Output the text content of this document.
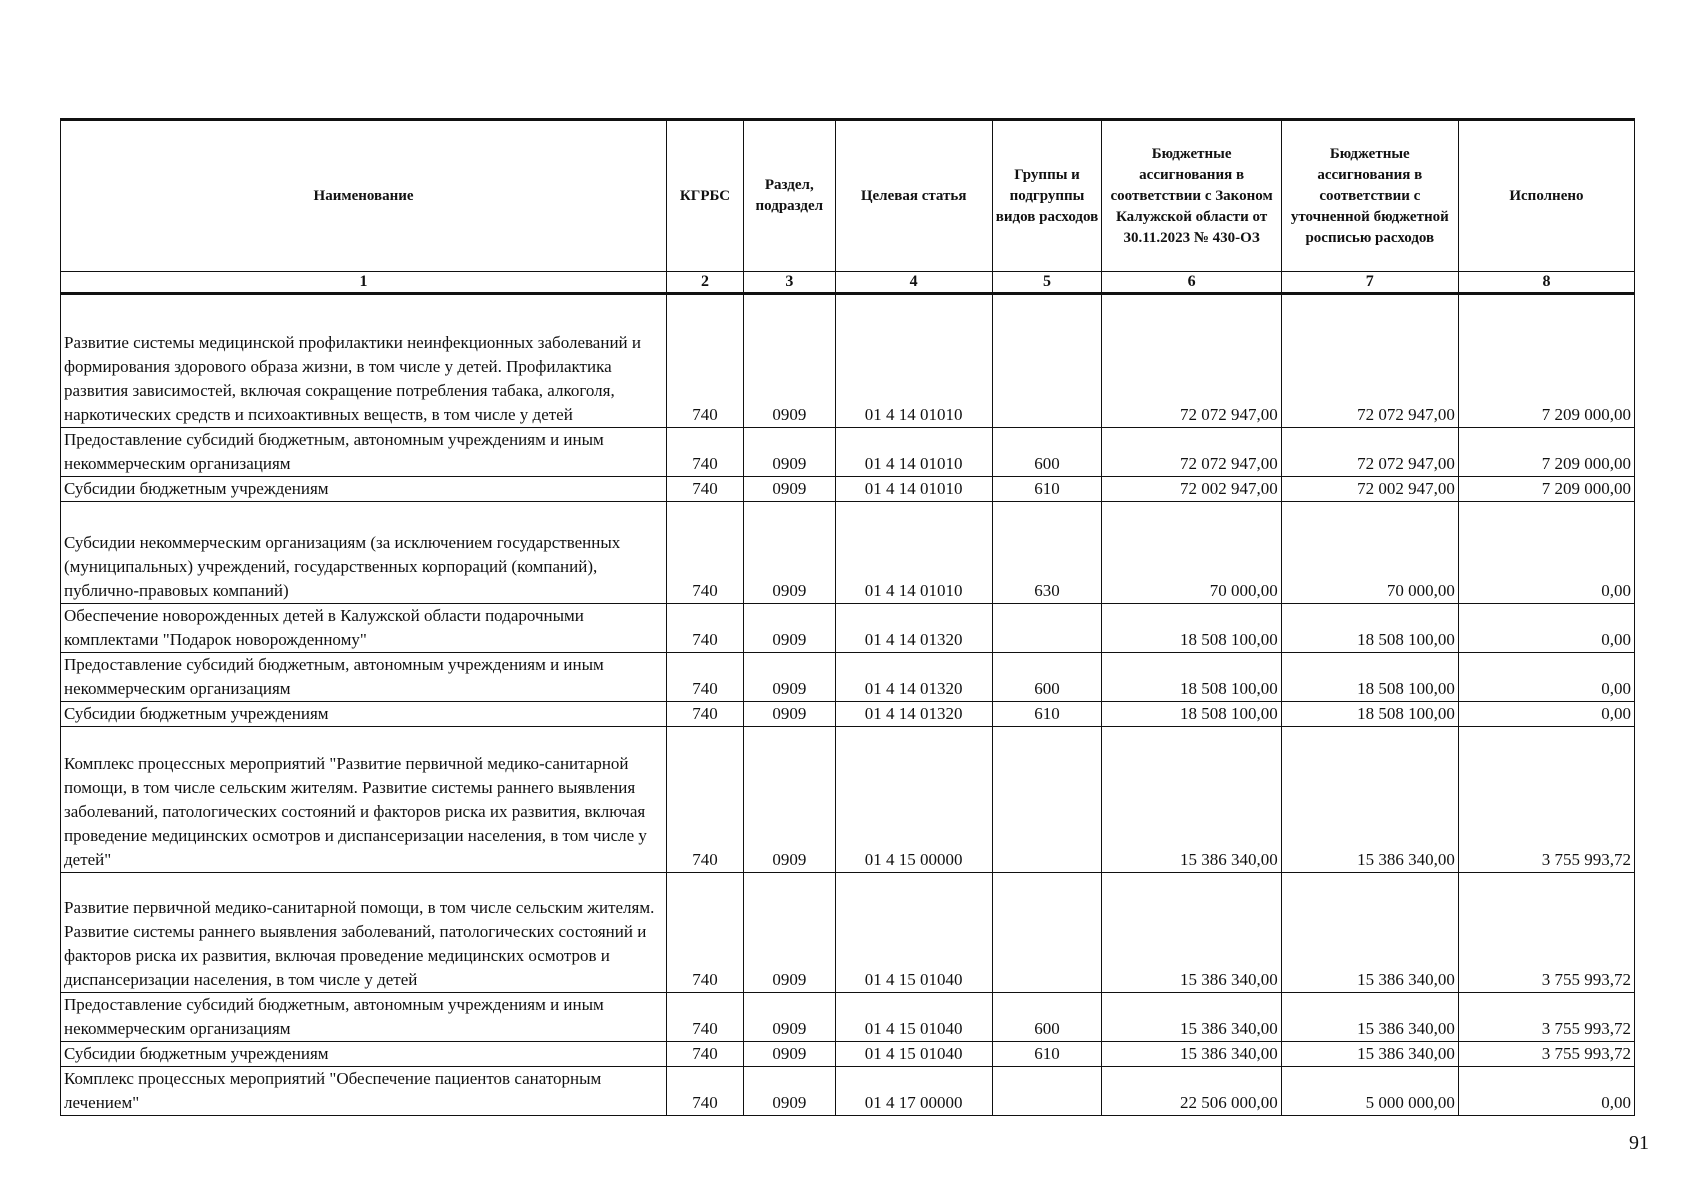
Наименование	КГРБС	Раздел, подраздел	Целевая статья	Группы и подгруппы видов расходов	Бюджетные ассигнования в соответствии с Законом Калужской области от 30.11.2023 № 430-ОЗ	Бюджетные ассигнования в соответствии с уточненной бюджетной росписью расходов	Исполнено
1	2	3	4	5	6	7	8
Развитие системы медицинской профилактики неинфекционных заболеваний и формирования здорового образа жизни, в том числе у детей. Профилактика развития зависимостей, включая сокращение потребления табака, алкоголя, наркотических средств и психоактивных веществ, в том числе у детей	740	0909	01 4 14 01010		72 072 947,00	72 072 947,00	7 209 000,00
Предоставление субсидий бюджетным, автономным учреждениям и иным некоммерческим организациям	740	0909	01 4 14 01010	600	72 072 947,00	72 072 947,00	7 209 000,00
Субсидии бюджетным учреждениям	740	0909	01 4 14 01010	610	72 002 947,00	72 002 947,00	7 209 000,00
Субсидии некоммерческим организациям (за исключением государственных (муниципальных) учреждений, государственных корпораций (компаний), публично-правовых компаний)	740	0909	01 4 14 01010	630	70 000,00	70 000,00	0,00
Обеспечение новорожденных детей в Калужской области подарочными комплектами "Подарок новорожденному"	740	0909	01 4 14 01320		18 508 100,00	18 508 100,00	0,00
Предоставление субсидий бюджетным, автономным учреждениям и иным некоммерческим организациям	740	0909	01 4 14 01320	600	18 508 100,00	18 508 100,00	0,00
Субсидии бюджетным учреждениям	740	0909	01 4 14 01320	610	18 508 100,00	18 508 100,00	0,00
Комплекс процессных мероприятий "Развитие первичной медико-санитарной помощи, в том числе сельским жителям. Развитие системы раннего выявления заболеваний, патологических состояний и факторов риска их развития, включая проведение медицинских осмотров и диспансеризации населения, в том числе у детей"	740	0909	01 4 15 00000		15 386 340,00	15 386 340,00	3 755 993,72
Развитие первичной медико-санитарной помощи, в том числе сельским жителям. Развитие системы раннего выявления заболеваний, патологических состояний и факторов риска их развития, включая проведение медицинских осмотров и диспансеризации населения, в том числе у детей	740	0909	01 4 15 01040		15 386 340,00	15 386 340,00	3 755 993,72
Предоставление субсидий бюджетным, автономным учреждениям и иным некоммерческим организациям	740	0909	01 4 15 01040	600	15 386 340,00	15 386 340,00	3 755 993,72
Субсидии бюджетным учреждениям	740	0909	01 4 15 01040	610	15 386 340,00	15 386 340,00	3 755 993,72
Комплекс процессных мероприятий "Обеспечение пациентов санаторным лечением"	740	0909	01 4 17 00000		22 506 000,00	5 000 000,00	0,00
91
